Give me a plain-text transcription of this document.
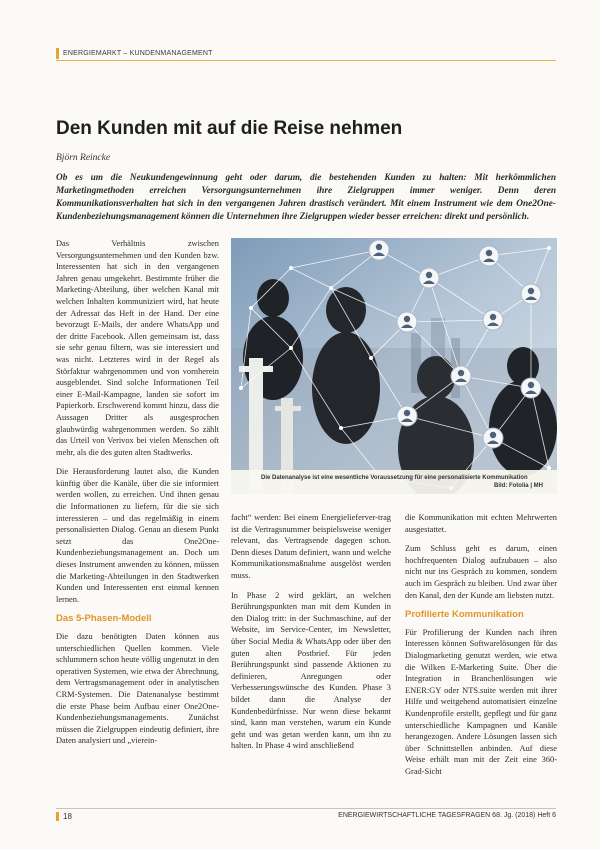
ENERGIEMARKT – KUNDENMANAGEMENT
Den Kunden mit auf die Reise nehmen
Björn Reincke
Ob es um die Neukundengewinnung geht oder darum, die bestehenden Kunden zu halten: Mit herkömmlichen Marketingmethoden erreichen Versorgungsunternehmen ihre Zielgruppen immer weniger. Denn deren Kommunikationsverhalten hat sich in den vergangenen Jahren drastisch verändert. Mit einem Instrument wie dem One2One-Kundenbeziehungsmanagement können die Unternehmen ihre Zielgruppen wieder besser erreichen: direkt und persönlich.

Das Verhältnis zwischen Versorgungsunternehmen und den Kunden bzw. Interessenten hat sich in den vergangenen Jahren genau umgekehrt. Bestimmte früher die Marketing-Abteilung, über welchen Kanal mit welchen Inhalten kommuniziert wird, hat heute der Adressat das Heft in der Hand. Der eine bevorzugt E-Mails, der andere WhatsApp und der dritte Facebook. Allen gemeinsam ist, dass sie sehr genau filtern, was sie interessiert und was nicht. Letzteres wird in der Regel als Störfaktur wahrgenommen und von vornherein ausgeblendet. Sind solche Informationen Teil einer E-Mail-Kampagne, landen sie sofort im Papierkorb. Erschwerend kommt hinzu, dass die Aussagen Dritter als ausgesprochen glaubwürdig wahrgenommen werden. So zählt das Urteil von Verivox bei vielen Menschen oft mehr, als die des guten alten Stadtwerks.

Die Herausforderung lautet also, die Kunden künftig über die Kanäle, über die sie informiert werden wollen, zu erreichen. Und ihnen genau die Informationen zu liefern, für die sie sich interessieren – und das regelmäßig in einem personalisierten Dialog. Genau an diesem Punkt setzt das One2One-Kundenbeziehungsmanagement an. Doch um dieses Instrument anwenden zu können, müssen die Marketing-Abteilungen in den Stadtwerken Kunden und Interessenten erst einmal kennen lernen.

Das 5-Phasen-Modell

Die dazu benötigten Daten können aus unterschiedlichen Quellen kommen. Viele schlummern schon heute völlig ungenutzt in den operativen Systemen, wie etwa der Abrechnung, dem Vertragsmanagement oder in analytischen CRM-Systemen. Die Datenanalyse bestimmt die erste Phase beim Aufbau einer One2One-Kundenbeziehungsmanagements. Zunächst müssen die Zielgruppen eindeutig definiert, ihre Daten analysiert und „vierein-

Die Datenanalyse ist eine wesentliche Voraussetzung für eine personalisierte Kommunikation
Bild: Fotolia | MH

facht“ werden: Bei einem Energielieferver-trag ist die Vertragsnummer beispielsweise weniger relevant, das Vertragsende dagegen schon. Denn dieses Datum definiert, wann und welche Kommunikationsmaßnahme ausgelöst werden muss.

In Phase 2 wird geklärt, an welchen Berührungspunkten man mit dem Kunden in den Dialog tritt: in der Suchmaschine, auf der Website, im Service-Center, im Newsletter, über Social Media & WhatsApp oder über den guten alten Postbrief. Für jeden Berührungspunkt sind passende Aktionen zu definieren, Anregungen oder Verbesserungswünsche des Kunden. Phase 3 bildet dann die Analyse der Kundenbedürfnisse. Nur wenn diese bekannt sind, kann man verstehen, warum ein Kunde geht und was getan werden kann, um ihn zu halten. In Phase 4 wird anschließend

die Kommunikation mit echten Mehrwerten ausgestattet.

Zum Schluss geht es darum, einen hochfrequenten Dialog aufzubauen – also nicht nur ins Gespräch zu kommen, sondern auch im Gespräch zu bleiben. Und zwar über den Kanal, den der Kunde am liebsten nutzt.

Profilierte Kommunikation

Für Profilierung der Kunden nach ihren Interessen können Softwarelösungen für das Dialogmarketing genutzt werden, wie etwa die Wilken E-Marketing Suite. Über die Integration in Branchenlösungen wie ENER:GY oder NTS.suite werden mit ihrer Hilfe und weitgehend automatisiert einzelne Kundenprofile erstellt, gepflegt und für ganz unterschiedliche Kampagnen und Kanäle herangezogen. Andere Lösungen lassen sich über Schnittstellen anbinden. Auf diese Weise erhält man mit der Zeit eine 360-Grad-Sicht

18	ENERGIEWIRTSCHAFTLICHE TAGESFRAGEN 68. Jg. (2018) Heft 6
